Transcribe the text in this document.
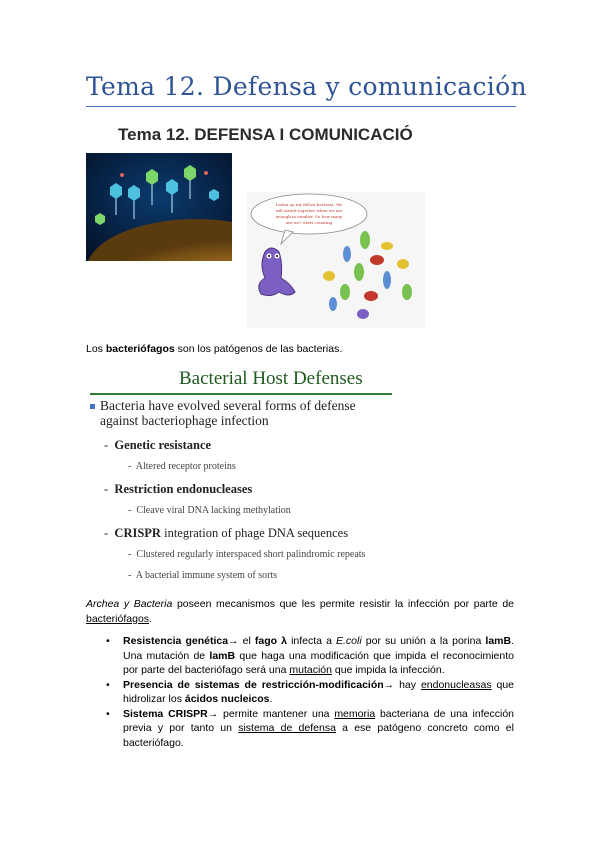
Tema 12. Defensa y comunicación
Tema 12. DEFENSA I COMUNICACIÓ
Listen up my fellow bacteria. We
will attack together when we are
enough in number. So how many
are we? Start counting
Los bacteriófagos son los patógenos de las bacterias.
Bacterial Host Defenses
Bacteria have evolved several forms of defense
against bacteriophage infection
- Genetic resistance
-  Altered receptor proteins
- Restriction endonucleases
-  Cleave viral DNA lacking methylation
- CRISPR integration of phage DNA sequences
-  Clustered regularly interspaced short palindromic repeats
-  A bacterial immune system of sorts
Archea y Bacteria poseen mecanismos que les permite resistir la infección por parte de bacteriófagos.
• Resistencia genética→ el fago λ infecta a E.coli por su unión a la porina lamB. Una mutación de lamB que haga una modificación que impida el reconocimiento por parte del bacteriófago será una mutación que impida la infección.
• Presencia de sistemas de restricción-modificación→ hay endonucleasas que hidrolizar los ácidos nucleicos.
• Sistema CRISPR→ permite mantener una memoria bacteriana de una infección previa y por tanto un sistema de defensa a ese patógeno concreto como el bacteriófago.
